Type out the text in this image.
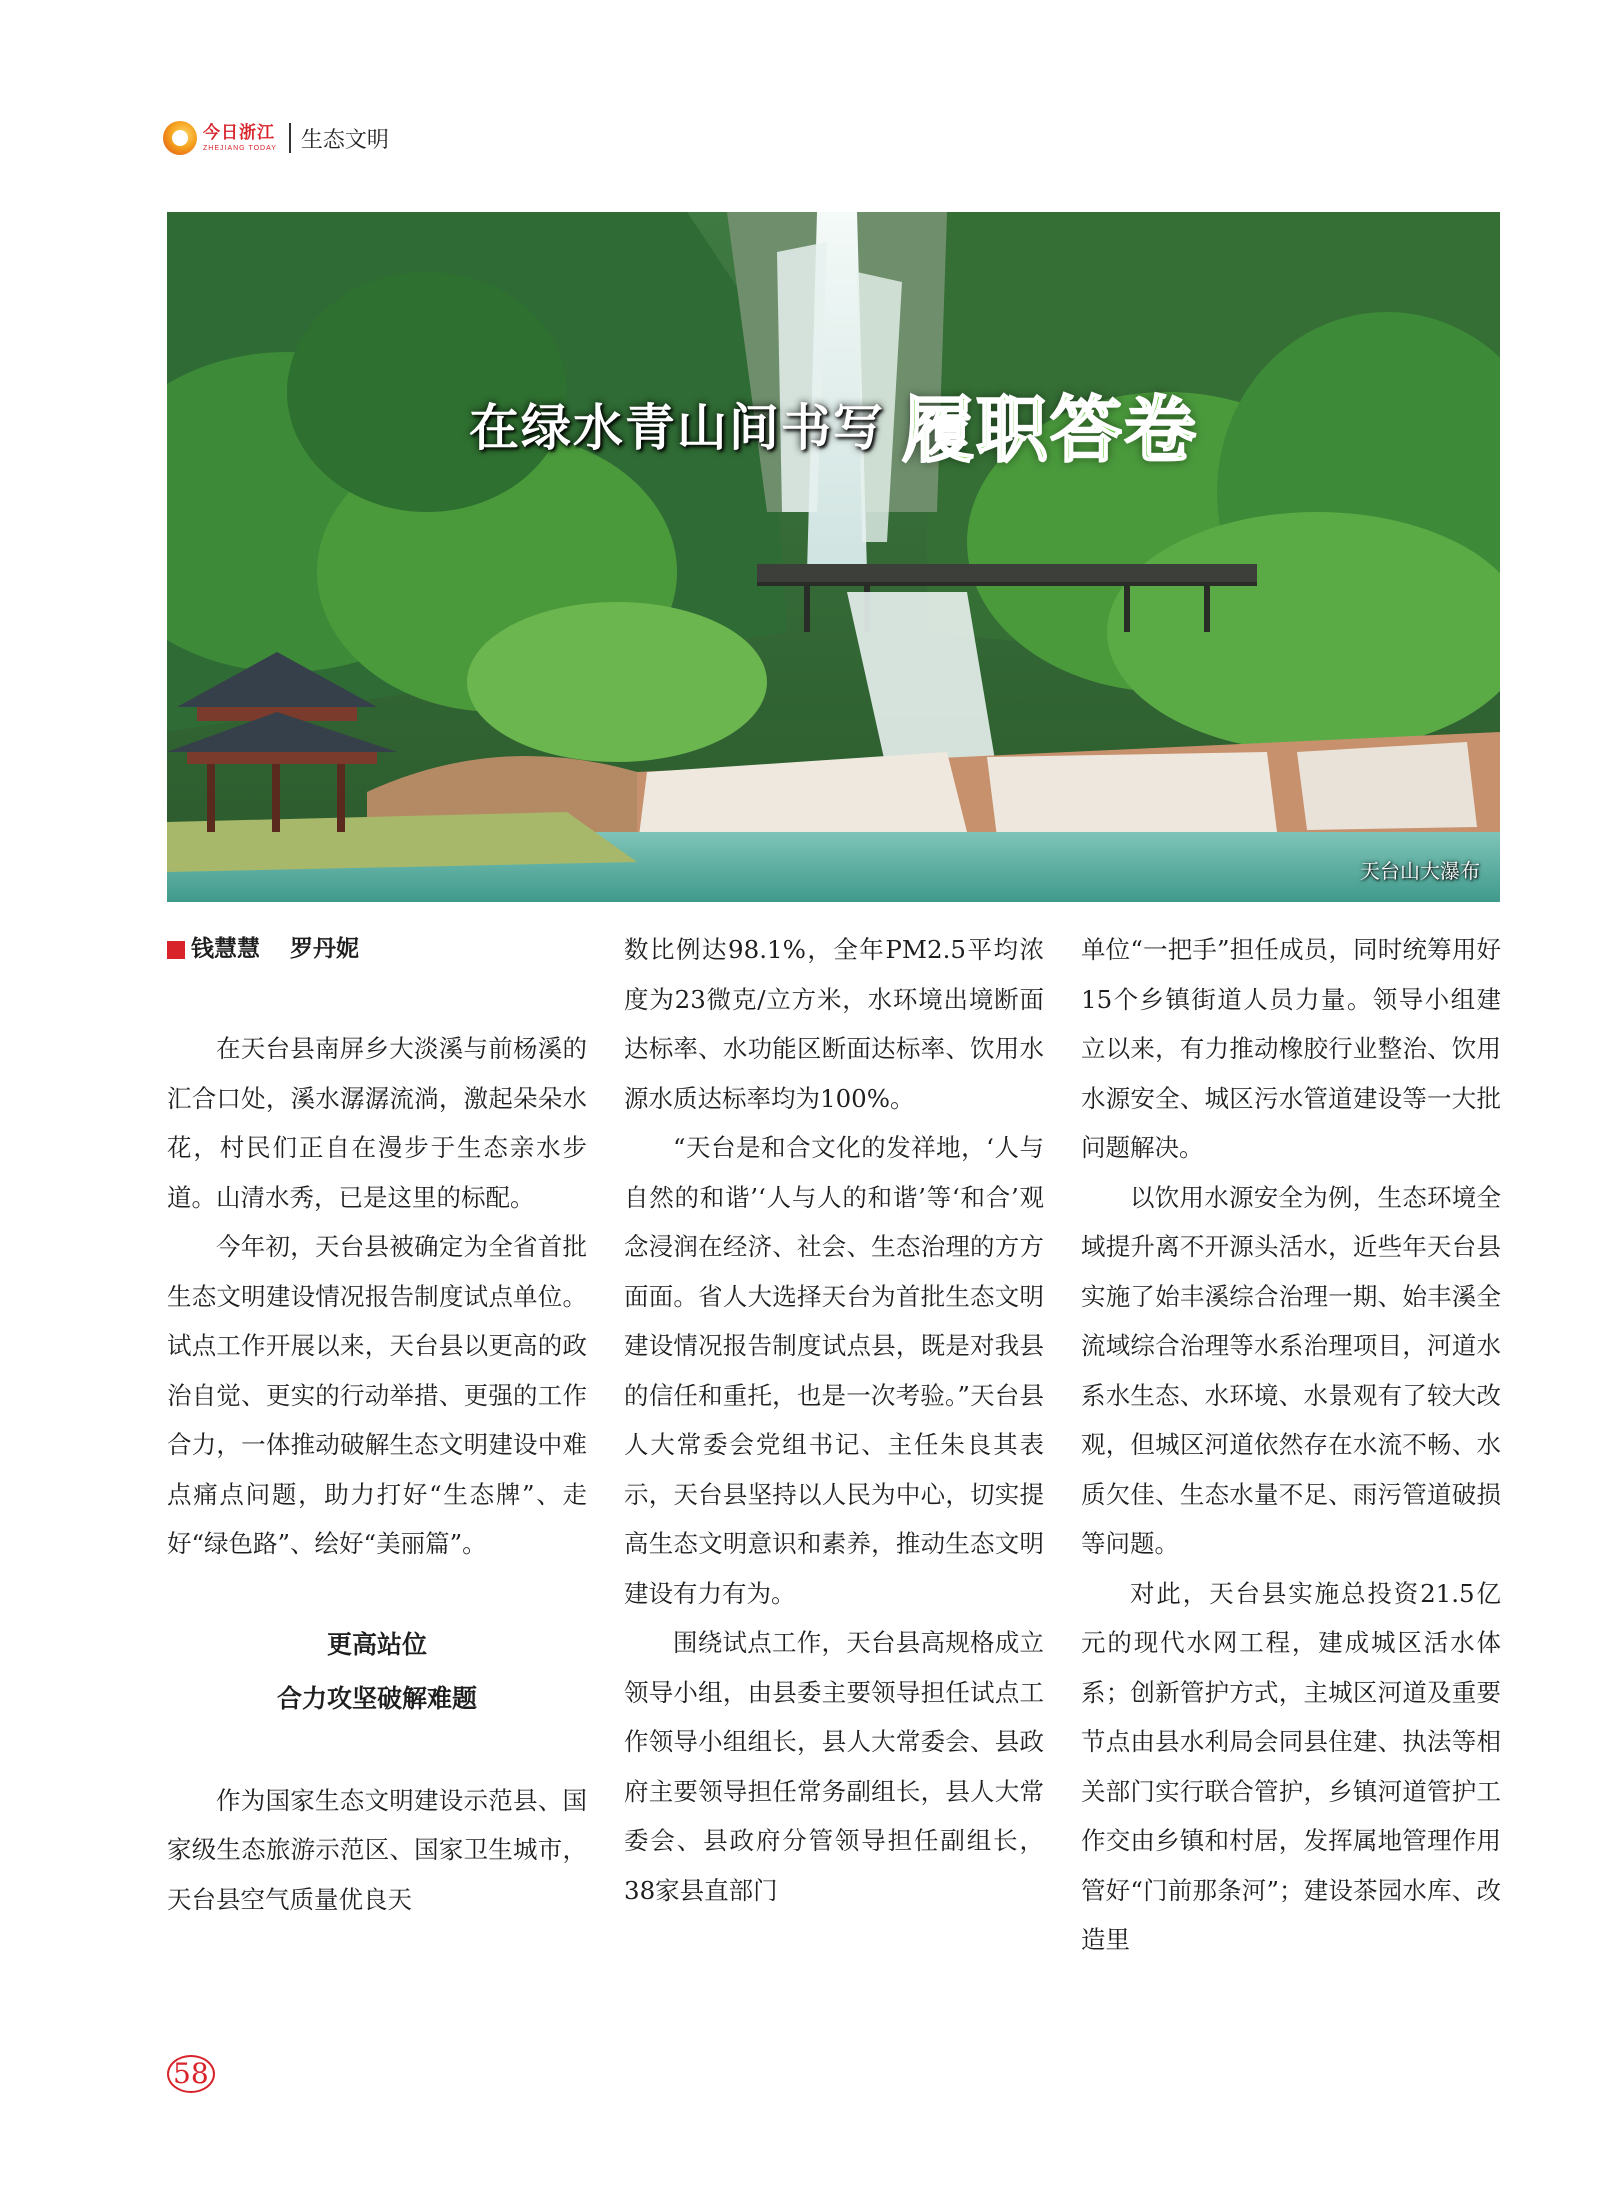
今日浙江
ZHEJIANG TODAY 生态文明
在绿水青山间书写 履职答卷
天台山大瀑布
钱慧慧 罗丹妮

在天台县南屏乡大淡溪与前杨溪的汇合口处，溪水潺潺流淌，激起朵朵水花，村民们正自在漫步于生态亲水步道。山清水秀，已是这里的标配。

今年初，天台县被确定为全省首批生态文明建设情况报告制度试点单位。试点工作开展以来，天台县以更高的政治自觉、更实的行动举措、更强的工作合力，一体推动破解生态文明建设中难点痛点问题，助力打好“生态牌”、走好“绿色路”、绘好“美丽篇”。

更高站位

合力攻坚破解难题

作为国家生态文明建设示范县、国家级生态旅游示范区、国家卫生城市，天台县空气质量优良天

数比例达98.1%，全年PM2.5平均浓度为23微克/立方米，水环境出境断面达标率、水功能区断面达标率、饮用水源水质达标率均为100%。

“天台是和合文化的发祥地，‘人与自然的和谐’‘人与人的和谐’等‘和合’观念浸润在经济、社会、生态治理的方方面面。省人大选择天台为首批生态文明建设情况报告制度试点县，既是对我县的信任和重托，也是一次考验。”天台县人大常委会党组书记、主任朱良其表示，天台县坚持以人民为中心，切实提高生态文明意识和素养，推动生态文明建设有力有为。

围绕试点工作，天台县高规格成立领导小组，由县委主要领导担任试点工作领导小组组长，县人大常委会、县政府主要领导担任常务副组长，县人大常委会、县政府分管领导担任副组长，38家县直部门

单位“一把手”担任成员，同时统筹用好15个乡镇街道人员力量。领导小组建立以来，有力推动橡胶行业整治、饮用水源安全、城区污水管道建设等一大批问题解决。

以饮用水源安全为例，生态环境全域提升离不开源头活水，近些年天台县实施了始丰溪综合治理一期、始丰溪全流域综合治理等水系治理项目，河道水系水生态、水环境、水景观有了较大改观，但城区河道依然存在水流不畅、水质欠佳、生态水量不足、雨污管道破损等问题。

对此，天台县实施总投资21.5亿元的现代水网工程，建成城区活水体系；创新管护方式，主城区河道及重要节点由县水利局会同县住建、执法等相关部门实行联合管护，乡镇河道管护工作交由乡镇和村居，发挥属地管理作用管好“门前那条河”；建设茶园水库、改造里

58
